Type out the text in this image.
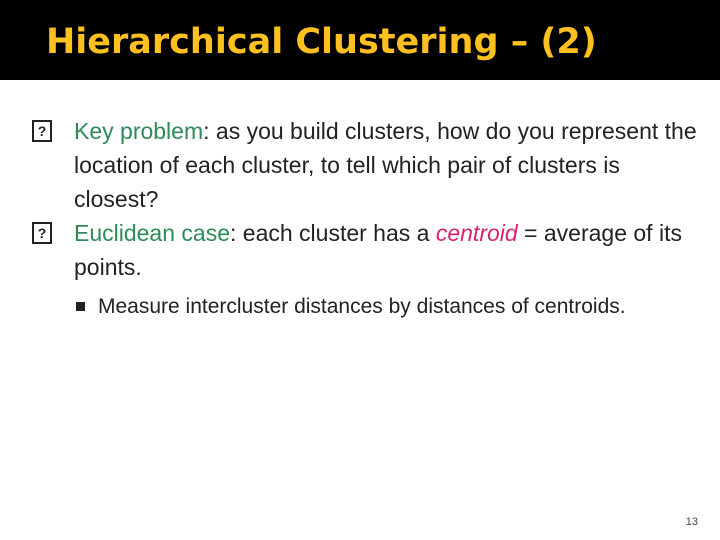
Hierarchical Clustering – (2)
? Key problem: as you build clusters, how do you represent the location of each cluster, to tell which pair of clusters is closest?
? Euclidean case: each cluster has a centroid = average of its points.
Measure intercluster distances by distances of centroids.
13
